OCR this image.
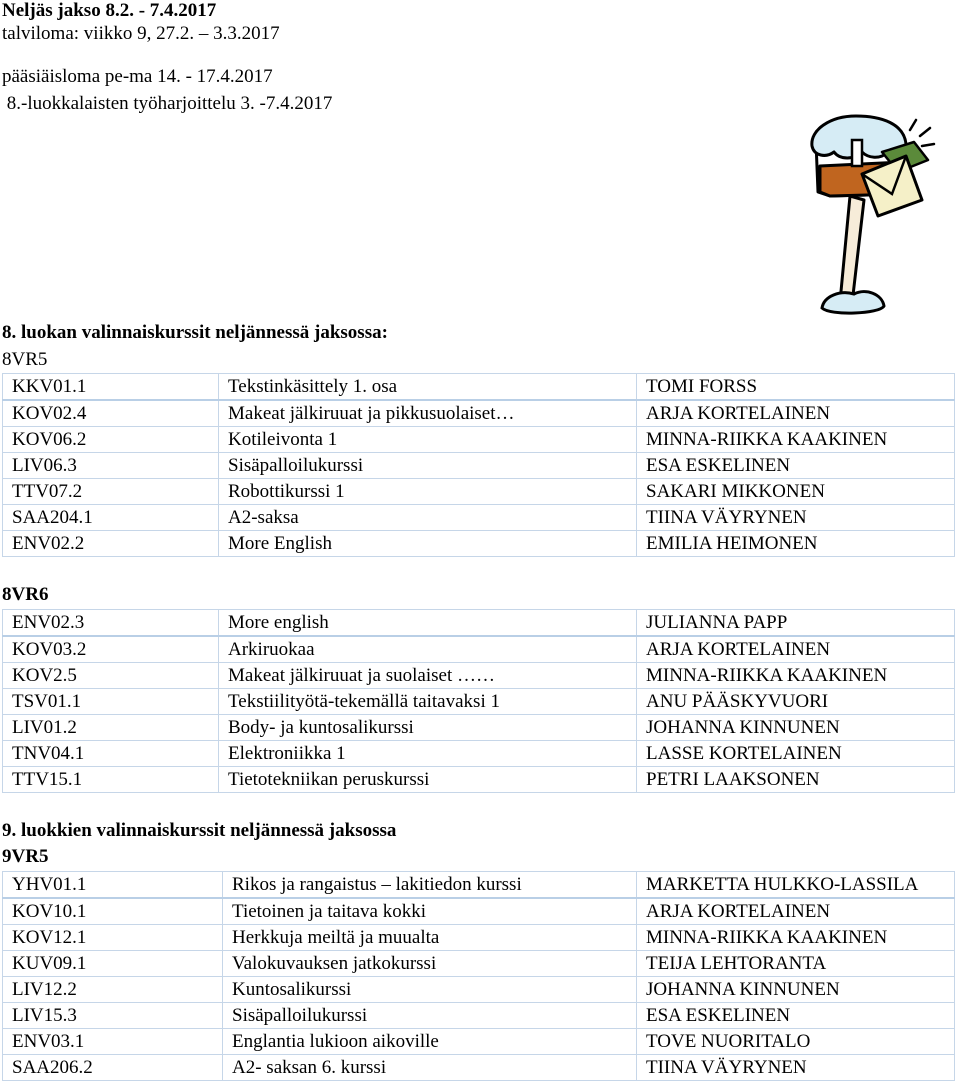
Neljäs jakso 8.2. - 7.4.2017
talviloma: viikko 9, 27.2. – 3.3.2017
pääsiäisloma pe-ma 14. - 17.4.2017
8.-luokkalaisten työharjoittelu 3. -7.4.2017
8. luokan valinnaiskurssit neljännessä jaksossa:
8VR5
KKV01.1	Tekstinkäsittely 1. osa	TOMI FORSS
KOV02.4	Makeat jälkiruuat ja pikkusuolaiset…	ARJA KORTELAINEN
KOV06.2	Kotileivonta 1	MINNA-RIIKKA KAAKINEN
LIV06.3	Sisäpalloilukurssi	ESA ESKELINEN
TTV07.2	Robottikurssi 1	SAKARI MIKKONEN
SAA204.1	A2-saksa	TIINA VÄYRYNEN
ENV02.2	More English	EMILIA HEIMONEN
8VR6
ENV02.3	More english	JULIANNA PAPP
KOV03.2	Arkiruokaa	ARJA KORTELAINEN
KOV2.5	Makeat jälkiruuat ja suolaiset ……	MINNA-RIIKKA KAAKINEN
TSV01.1	Tekstiilityötä-tekemällä taitavaksi 1	ANU PÄÄSKYVUORI
LIV01.2	Body- ja kuntosalikurssi	JOHANNA KINNUNEN
TNV04.1	Elektroniikka 1	LASSE KORTELAINEN
TTV15.1	Tietotekniikan peruskurssi	PETRI LAAKSONEN
9. luokkien valinnaiskurssit neljännessä jaksossa
9VR5
YHV01.1	Rikos ja rangaistus – lakitiedon kurssi	MARKETTA HULKKO-LASSILA
KOV10.1	Tietoinen ja taitava kokki	ARJA KORTELAINEN
KOV12.1	Herkkuja meiltä ja muualta	MINNA-RIIKKA KAAKINEN
KUV09.1	Valokuvauksen jatkokurssi	TEIJA LEHTORANTA
LIV12.2	Kuntosalikurssi	JOHANNA KINNUNEN
LIV15.3	Sisäpalloilukurssi	ESA ESKELINEN
ENV03.1	Englantia lukioon aikoville	TOVE NUORITALO
SAA206.2	A2- saksan 6. kurssi	TIINA VÄYRYNEN
